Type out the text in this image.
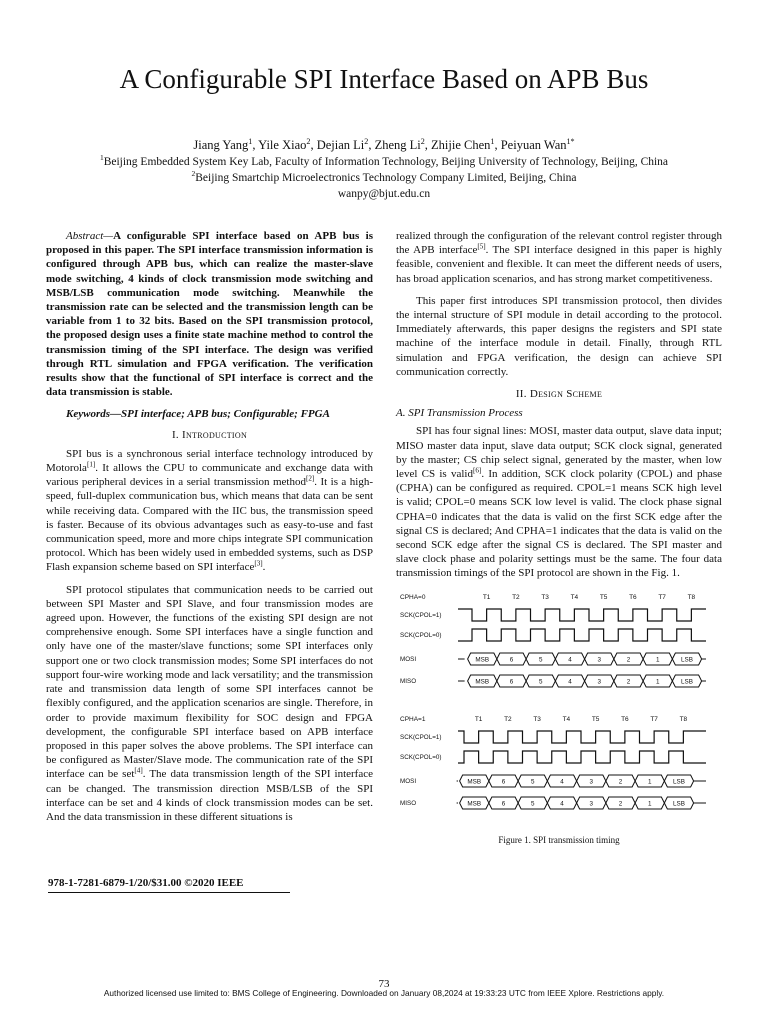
A Configurable SPI Interface Based on APB Bus
Jiang Yang$^1$, Yile Xiao$^2$, Dejian Li$^2$, Zheng Li$^2$, Zhijie Chen$^1$, Peiyuan Wan$^{1*}$
$^1$Beijing Embedded System Key Lab, Faculty of Information Technology, Beijing University of Technology, Beijing, China
$^2$Beijing Smartchip Microelectronics Technology Company Limited, Beijing, China
wanpy@bjut.edu.cn

Abstract—A configurable SPI interface based on APB bus is proposed in this paper. The SPI interface transmission information is configured through APB bus, which can realize the master-slave mode switching, 4 kinds of clock transmission mode switching and MSB/LSB communication mode switching. Meanwhile the transmission rate can be selected and the transmission length can be variable from 1 to 32 bits. Based on the SPI transmission protocol, the proposed design uses a finite state machine method to control the transmission timing of the SPI interface. The design was verified through RTL simulation and FPGA verification. The verification results show that the functional of SPI interface is correct and the data transmission is stable.

Keywords—SPI interface; APB bus; Configurable; FPGA

I. Introduction

SPI bus is a synchronous serial interface technology introduced by Motorola[1]. It allows the CPU to communicate and exchange data with various peripheral devices in a serial transmission method[2]. It is a high-speed, full-duplex communication bus, which means that data can be sent while receiving data. Compared with the IIC bus, the transmission speed is faster. Because of its obvious advantages such as easy-to-use and fast communication speed, more and more chips integrate SPI communication protocol. Which has been widely used in embedded systems, such as DSP Flash expansion scheme based on SPI interface[3].

SPI protocol stipulates that communication needs to be carried out between SPI Master and SPI Slave, and four transmission modes are agreed upon. However, the functions of the existing SPI design are not comprehensive enough. Some SPI interfaces have a single function and only have one of the master/slave functions; some SPI interfaces only support one or two clock transmission modes; Some SPI interfaces do not support four-wire working mode and lack versatility; and the transmission rate and transmission data length of some SPI interfaces cannot be flexibly configured, and the application scenarios are single. Therefore, in order to provide maximum flexibility for SOC design and FPGA development, the configurable SPI interface based on APB interface proposed in this paper solves the above problems. The SPI interface can be configured as Master/Slave mode. The communication rate of the SPI interface can be set[4]. The data transmission length of the SPI interface can be changed. The transmission direction MSB/LSB of the SPI interface can be set and 4 kinds of clock transmission modes can be set. And the data transmission in these different situations is

realized through the configuration of the relevant control register through the APB interface[5]. The SPI interface designed in this paper is highly feasible, convenient and flexible. It can meet the different needs of users, has broad application scenarios, and has strong market competitiveness.

This paper first introduces SPI transmission protocol, then divides the internal structure of SPI module in detail according to the protocol. Immediately afterwards, this paper designs the registers and SPI state machine of the interface module in detail. Finally, through RTL simulation and FPGA verification, the design can achieve SPI communication correctly.

II. Design Scheme
A. SPI Transmission Process

SPI has four signal lines: MOSI, master data output, slave data input; MISO master data input, slave data output; SCK clock signal, generated by the master; CS chip select signal, generated by the master, when low level CS is valid[6]. In addition, SCK clock polarity (CPOL) and phase (CPHA) can be configured as required. CPOL=1 means SCK high level is valid; CPOL=0 means SCK low level is valid. The clock phase signal CPHA=0 indicates that the data is valid on the first SCK edge after the signal CS is declared; And CPHA=1 indicates that the data is valid on the second SCK edge after the signal CS is declared. The SPI master and slave clock phase and polarity settings must be the same. The four data transmission timings of the SPI protocol are shown in the Fig. 1.

CPHA=0	T1	T2	T3	T4	T5	T6	T7	T8
SCK(CPOL=1)
SCK(CPOL=0)
MOSI
MISO
MSB	6	5	4	3	2	1	LSB
MSB	6	5	4	3	2	1	LSB
CPHA=1	T1	T2	T3	T4	T5	T6	T7	T8
SCK(CPOL=1)
SCK(CPOL=0)
MOSI
MISO
MSB	6	5	4	3	2	1	LSB
MSB	6	5	4	3	2	1	LSB
Figure 1. SPI transmission timing
978-1-7281-6879-1/20/$31.00 ©2020 IEEE
73
Authorized licensed use limited to: BMS College of Engineering. Downloaded on January 08,2024 at 19:33:23 UTC from IEEE Xplore. Restrictions apply.
